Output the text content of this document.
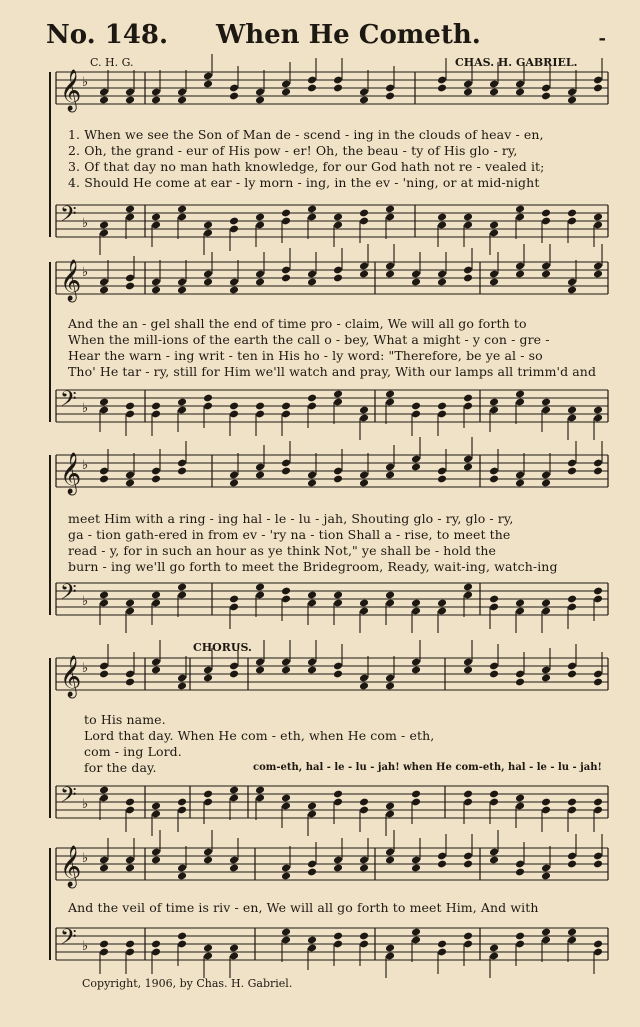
No. 148. When He Cometh.	-
C. H. G.	CHAS. H. GABRIEL.
𝄞 ♭
𝄢 ♭
1. When we see the Son of Man de - scend - ing in the clouds of heav - en,
2. Oh, the grand - eur of His pow - er! Oh, the beau - ty of His glo - ry,
3. Of that day no man hath knowledge, for our God hath not re - vealed it;
4. Should He come at ear - ly morn - ing, in the ev - 'ning, or at mid-night
𝄞 ♭
𝄢 ♭
And the an - gel shall the end of time pro - claim, We will all go forth to
When the mill-ions of the earth the call o - bey, What a might - y con - gre -
Hear the warn - ing writ - ten in His ho - ly word: "Therefore, be ye al - so
Tho' He tar - ry, still for Him we'll watch and pray, With our lamps all trimm'd and
𝄞 ♭
𝄢 ♭
meet Him with a ring - ing hal - le - lu - jah, Shouting glo - ry, glo - ry,
ga - tion gath-ered in from ev - 'ry na - tion Shall a - rise, to meet the
read - y, for in such an hour as ye think Not," ye shall be - hold the
burn - ing we'll go forth to meet the Bridegroom, Ready, wait-ing, watch-ing
CHORUS.
𝄞 ♭
𝄢 ♭
to His name.
Lord that day. When He com - eth, when He com - eth,
com - ing Lord.
for the day.	com-eth, hal - le - lu - jah! when He com-eth, hal - le - lu - jah!
𝄞 ♭
𝄢 ♭
And the veil of time is riv - en, We will all go forth to meet Him, And with
Copyright, 1906, by Chas. H. Gabriel.
